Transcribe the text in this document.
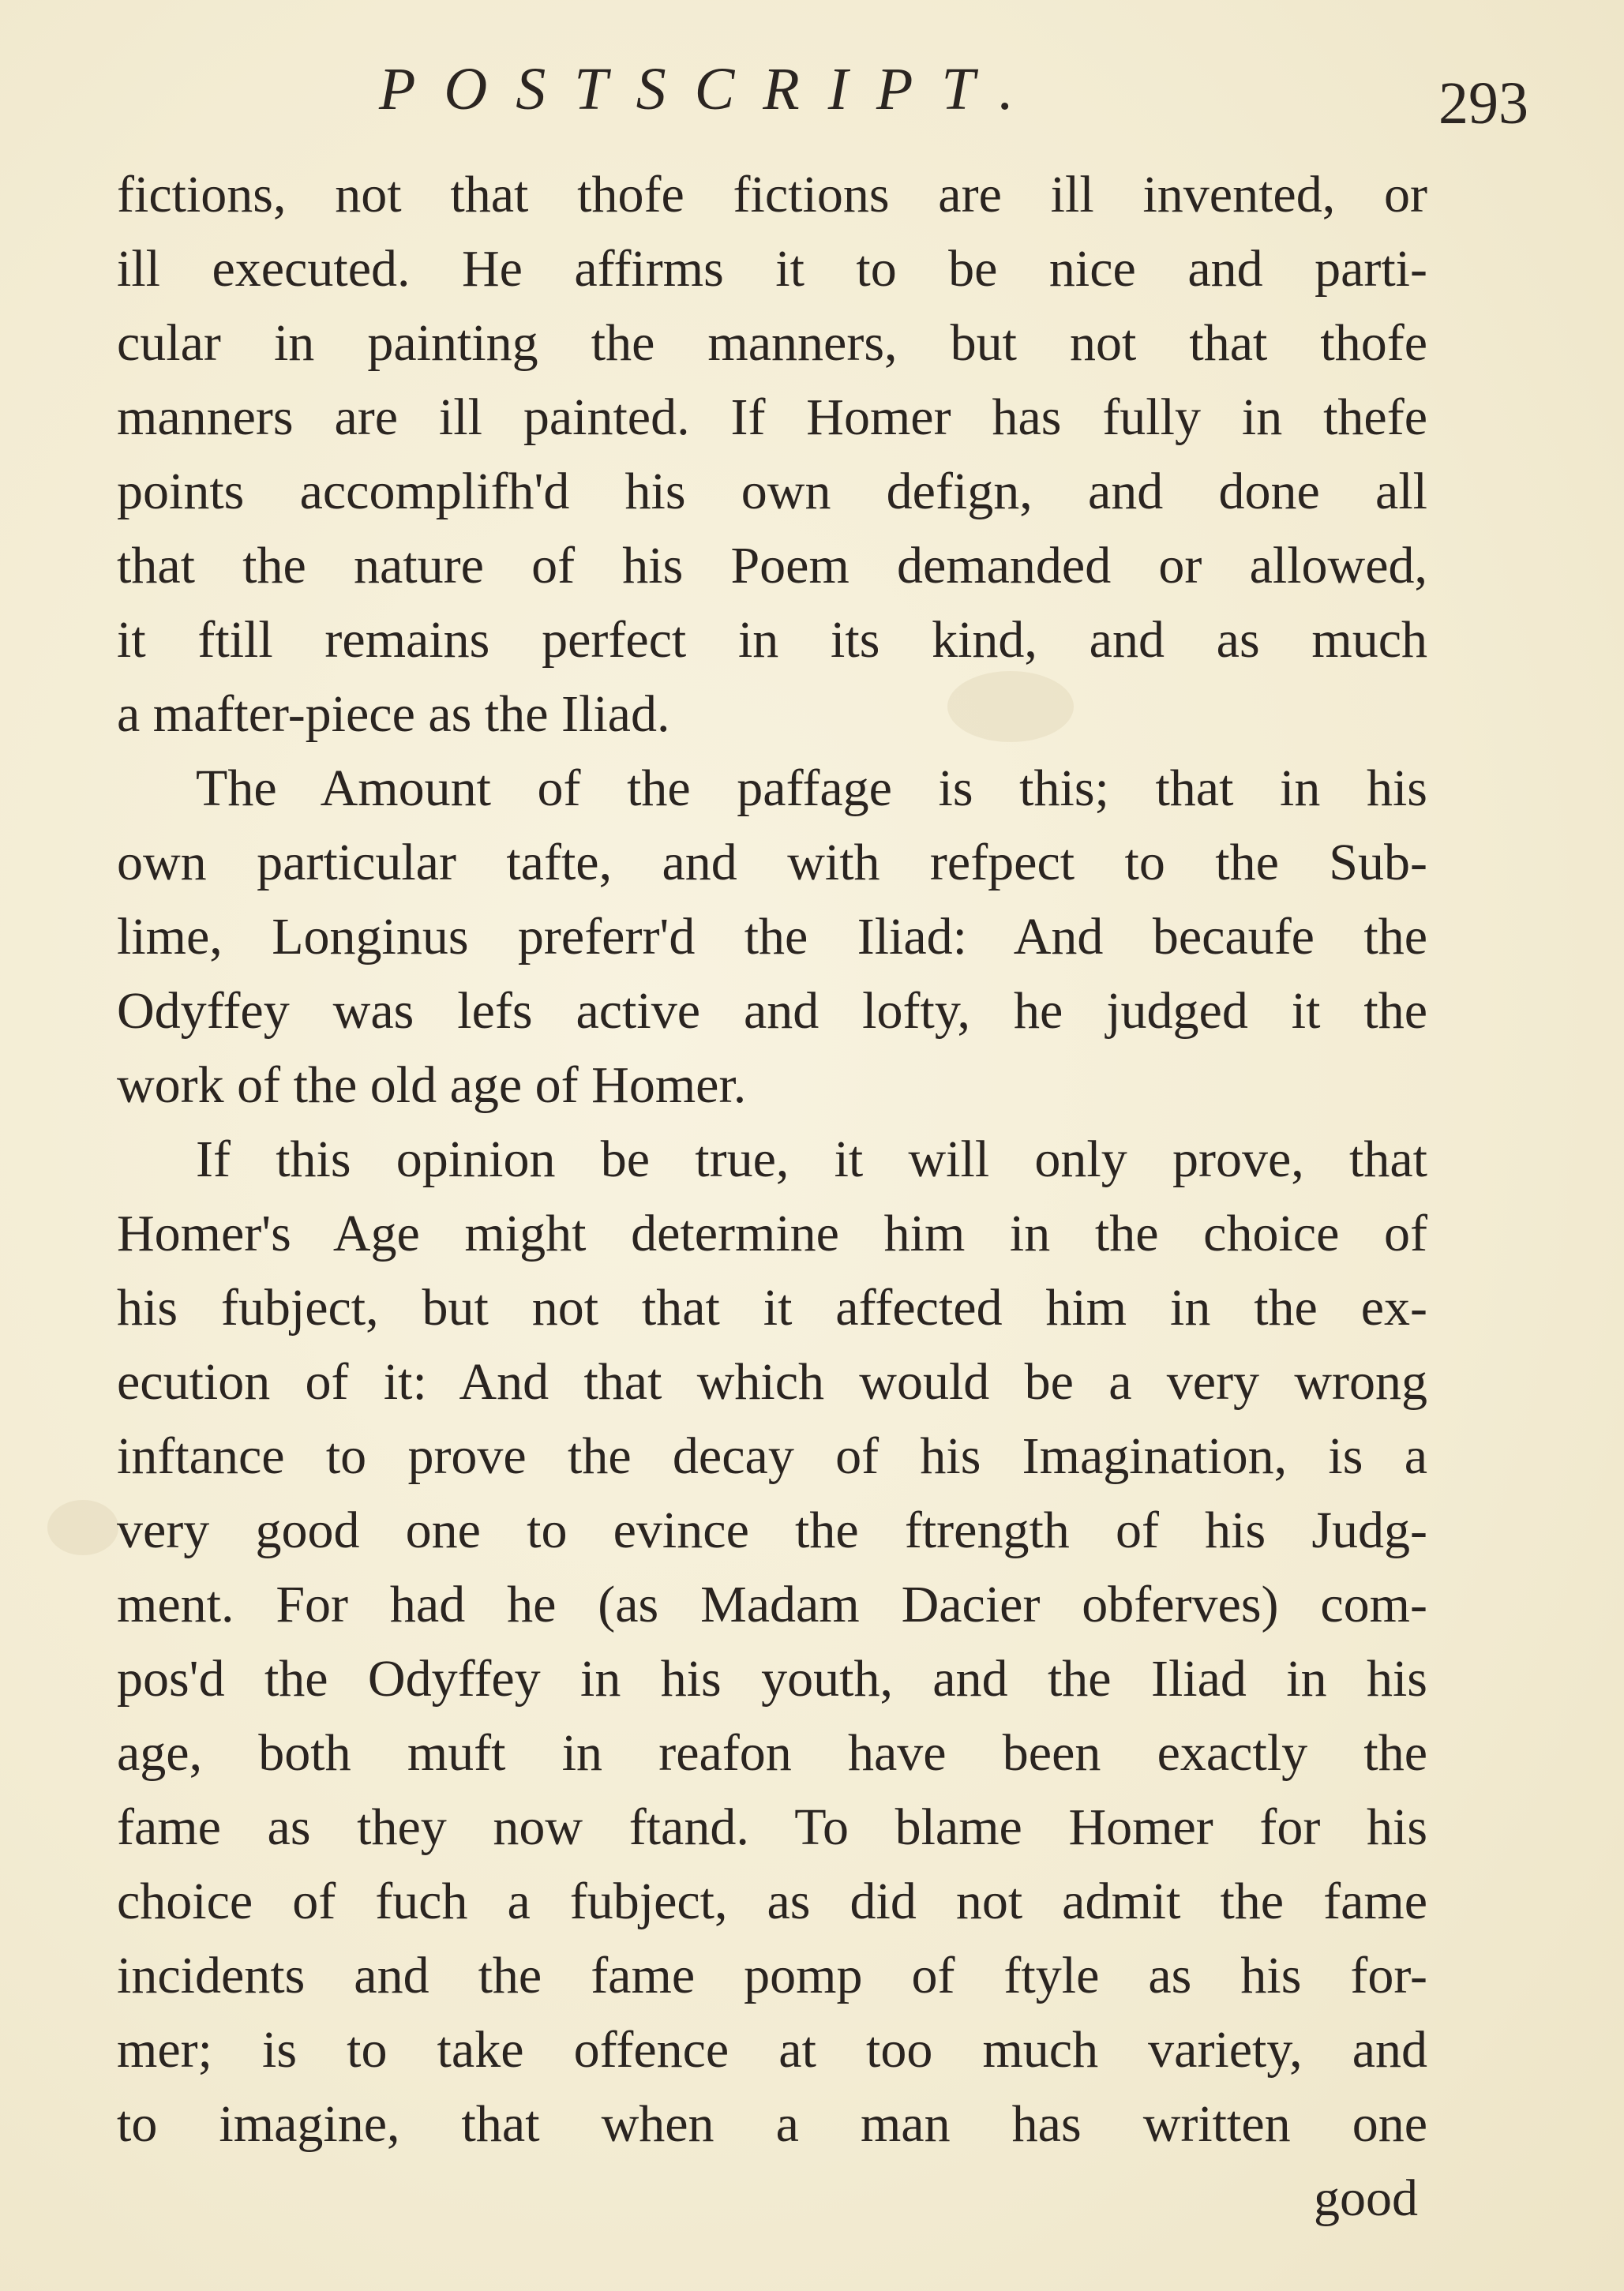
POSTSCRIPT.	293
fictions, not that thofe fictions are ill invented, or
ill executed. He affirms it to be nice and parti-
cular in painting the manners, but not that thofe
manners are ill painted. If Homer has fully in thefe
points accomplifh'd his own defign, and done all
that the nature of his Poem demanded or allowed,
it ftill remains perfect in its kind, and as much
a mafter-piece as the Iliad.
The Amount of the paffage is this; that in his
own particular tafte, and with refpect to the Sub-
lime, Longinus preferr'd the Iliad: And becaufe the
Odyffey was lefs active and lofty, he judged it the
work of the old age of Homer.
If this opinion be true, it will only prove, that
Homer's Age might determine him in the choice of
his fubject, but not that it affected him in the ex-
ecution of it: And that which would be a very wrong
inftance to prove the decay of his Imagination, is a
very good one to evince the ftrength of his Judg-
ment. For had he (as Madam Dacier obferves) com-
pos'd the Odyffey in his youth, and the Iliad in his
age, both muft in reafon have been exactly the
fame as they now ftand. To blame Homer for his
choice of fuch a fubject, as did not admit the fame
incidents and the fame pomp of ftyle as his for-
mer; is to take offence at too much variety, and
to imagine, that when a man has written one
good
